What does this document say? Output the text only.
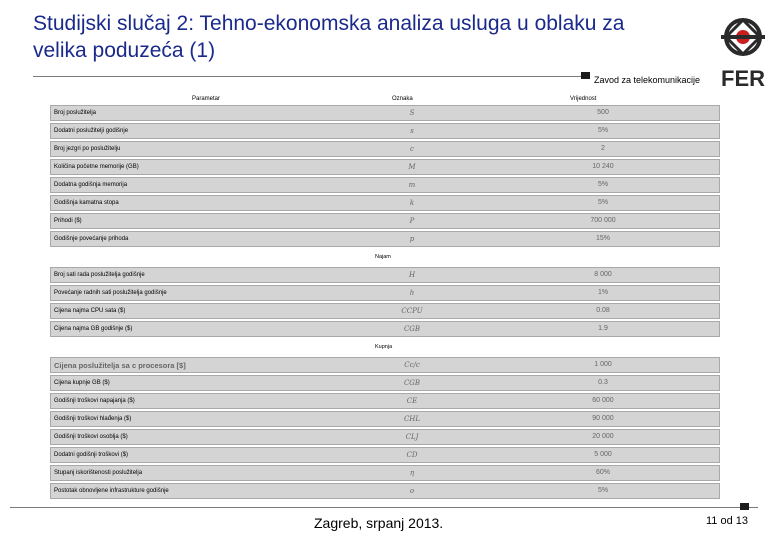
Studijski slučaj 2: Tehno-ekonomska analiza usluga u oblaku za velika poduzeća (1)
Zavod za telekomunikacije FER
Parametar	Oznaka	Vrijednost
Broj poslužitelja	S	500
Dodatni poslužitelji godišnje	s	5%
Broj jezgri po poslužitelju	c	2
Količina početne memorije (GB)	M	10 240
Dodatna godišnja memorija	m	5%
Godišnja kamatna stopa	k	5%
Prihodi ($)	P	700 000
Godišnje povećanje prihoda	p	15%
Najam
Broj sati rada poslužitelja godišnje	H	8 000
Povećanje radnih sati poslužitelja godišnje	h	1%
Cijena najma CPU sata ($)	CCPU	0.08
Cijena najma GB godišnje ($)	CGB	1.9
Kupnja
Cijena poslužitelja sa c procesora [$]	Cc/c	1 000
Cijena kupnje GB ($)	CGB	0.3
Godišnji troškovi napajanja ($)	CE	60 000
Godišnji troškovi hlađenja ($)	CHL	90 000
Godišnji troškovi osoblja ($)	CLJ	20 000
Dodatni godišnji troškovi ($)	CD	5 000
Stupanj iskorištenosti poslužitelja	η	60%
Postotak obnovljene infrastrukture godišnje	o	5%
Zagreb, srpanj 2013.	11 od 13
